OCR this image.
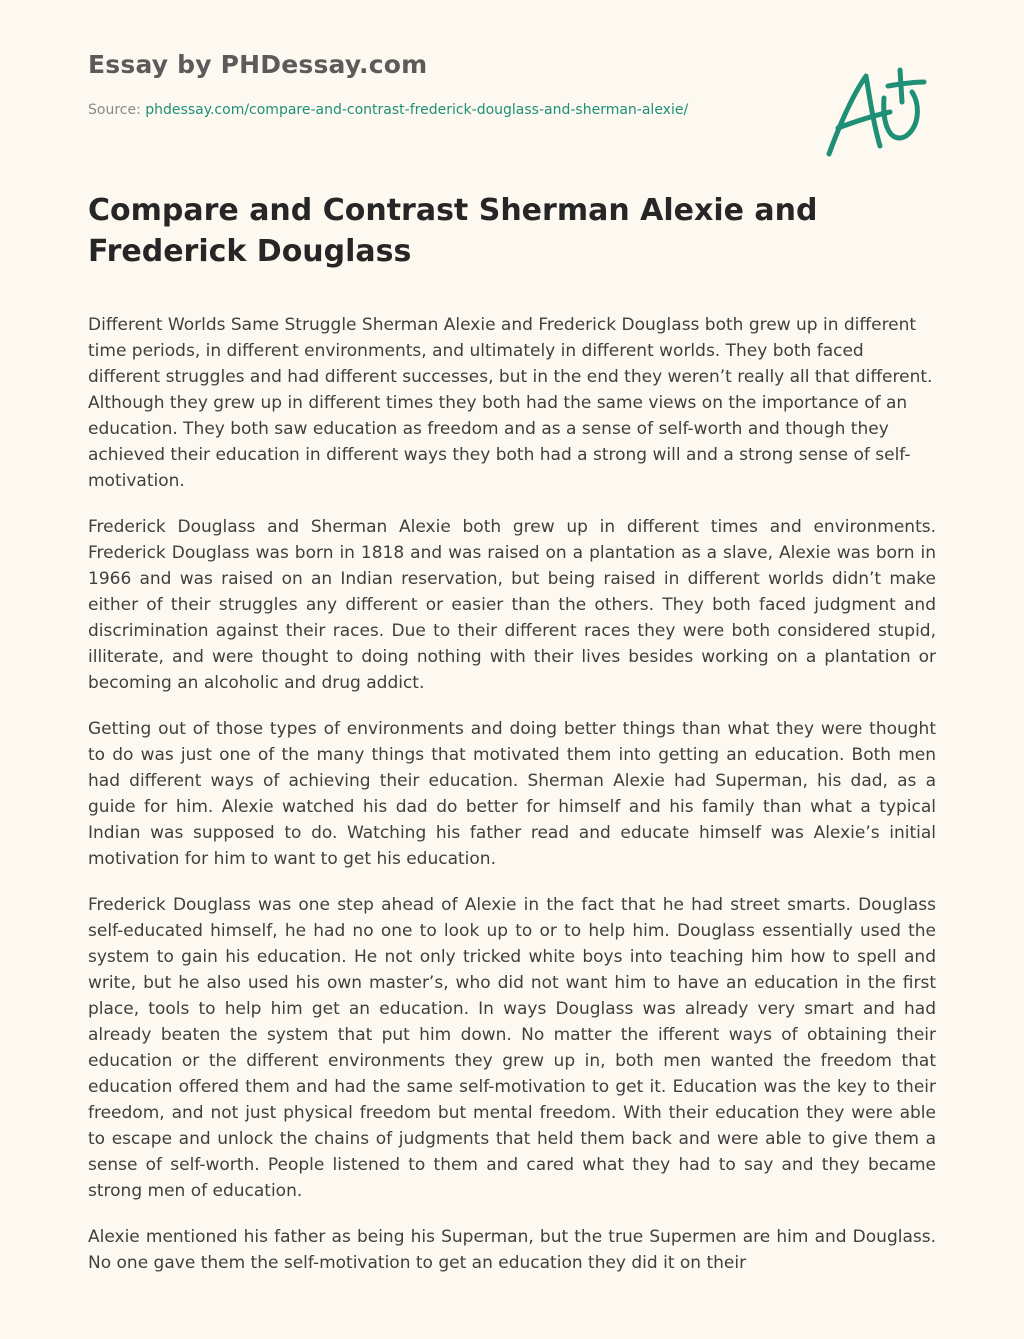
Essay by PHDessay.com
Source: phdessay.com/compare-and-contrast-frederick-douglass-and-sherman-alexie/
Compare and Contrast Sherman Alexie and Frederick Douglass

Different Worlds Same Struggle Sherman Alexie and Frederick Douglass both grew up in different time periods, in different environments, and ultimately in different worlds. They both faced different struggles and had different successes, but in the end they weren’t really all that different. Although they grew up in different times they both had the same views on the importance of an education. They both saw education as freedom and as a sense of self-worth and though they achieved their education in different ways they both had a strong will and a strong sense of self-motivation.

Frederick Douglass and Sherman Alexie both grew up in different times and environments. Frederick Douglass was born in 1818 and was raised on a plantation as a slave, Alexie was born in 1966 and was raised on an Indian reservation, but being raised in different worlds didn’t make either of their struggles any different or easier than the others. They both faced judgment and discrimination against their races. Due to their different races they were both considered stupid, illiterate, and were thought to doing nothing with their lives besides working on a plantation or becoming an alcoholic and drug addict.

Getting out of those types of environments and doing better things than what they were thought to do was just one of the many things that motivated them into getting an education. Both men had different ways of achieving their education. Sherman Alexie had Superman, his dad, as a guide for him. Alexie watched his dad do better for himself and his family than what a typical Indian was supposed to do. Watching his father read and educate himself was Alexie’s initial motivation for him to want to get his education.

Frederick Douglass was one step ahead of Alexie in the fact that he had street smarts. Douglass self-educated himself, he had no one to look up to or to help him. Douglass essentially used the system to gain his education. He not only tricked white boys into teaching him how to spell and write, but he also used his own master’s, who did not want him to have an education in the first place, tools to help him get an education. In ways Douglass was already very smart and had already beaten the system that put him down. No matter the ifferent ways of obtaining their education or the different environments they grew up in, both men wanted the freedom that education offered them and had the same self-motivation to get it. Education was the key to their freedom, and not just physical freedom but mental freedom. With their education they were able to escape and unlock the chains of judgments that held them back and were able to give them a sense of self-worth. People listened to them and cared what they had to say and they became strong men of education.

Alexie mentioned his father as being his Superman, but the true Supermen are him and Douglass. No one gave them the self-motivation to get an education they did it on their
